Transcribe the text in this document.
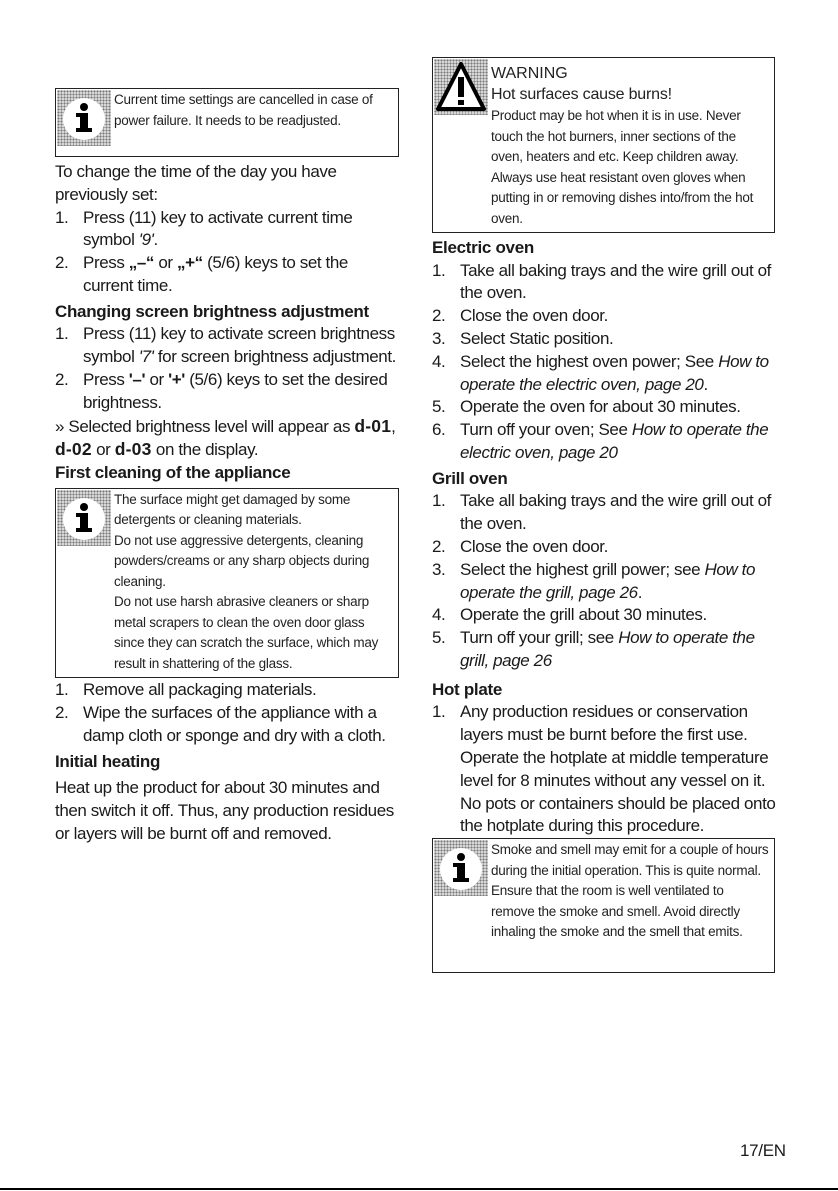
Current time settings are cancelled in case of power failure. It needs to be readjusted.

To change the time of the day you have previously set:

1. Press (11) key to activate current time symbol '9'.
2. Press „–“ or „+“ (5/6) keys to set the current time.
Changing screen brightness adjustment
1. Press (11) key to activate screen brightness symbol '7' for screen brightness adjustment.
2. Press '–' or '+' (5/6) keys to set the desired brightness.

» Selected brightness level will appear as d-01, d-02 or d-03 on the display.

First cleaning of the appliance
The surface might get damaged by some detergents or cleaning materials.
Do not use aggressive detergents, cleaning powders/creams or any sharp objects during cleaning.
Do not use harsh abrasive cleaners or sharp metal scrapers to clean the oven door glass since they can scratch the surface, which may result in shattering of the glass.
1. Remove all packaging materials.
2. Wipe the surfaces of the appliance with a damp cloth or sponge and dry with a cloth.
Initial heating

Heat up the product for about 30 minutes and then switch it off. Thus, any production residues or layers will be burnt off and removed.

WARNING
Hot surfaces cause burns!
Product may be hot when it is in use. Never touch the hot burners, inner sections of the oven, heaters and etc. Keep children away. Always use heat resistant oven gloves when putting in or removing dishes into/from the hot oven.
Electric oven
1. Take all baking trays and the wire grill out of the oven.
2. Close the oven door.
3. Select Static position.
4. Select the highest oven power; See How to operate the electric oven, page 20.
5. Operate the oven for about 30 minutes.
6. Turn off your oven; See How to operate the electric oven, page 20
Grill oven
1. Take all baking trays and the wire grill out of the oven.
2. Close the oven door.
3. Select the highest grill power; see How to operate the grill, page 26.
4. Operate the grill about 30 minutes.
5. Turn off your grill; see How to operate the grill, page 26
Hot plate
1. Any production residues or conservation layers must be burnt before the first use. Operate the hotplate at middle temperature level for 8 minutes without any vessel on it. No pots or containers should be placed onto the hotplate during this procedure.
Smoke and smell may emit for a couple of hours during the initial operation. This is quite normal. Ensure that the room is well ventilated to remove the smoke and smell. Avoid directly inhaling the smoke and the smell that emits.
17/EN
